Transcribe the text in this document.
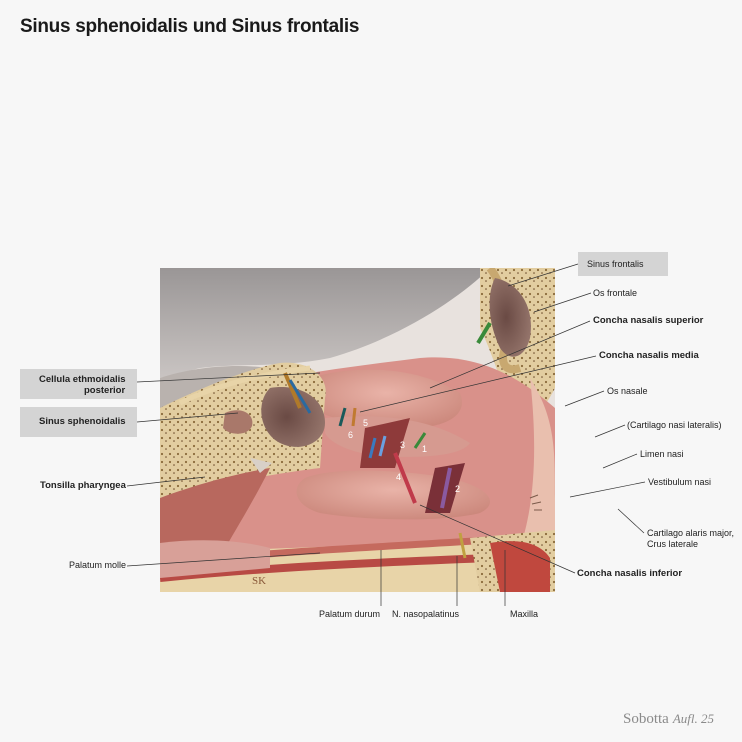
Sinus sphenoidalis und Sinus frontalis
1
2
3
4
5
6
SK
Sinus frontalis
Os frontale
Concha nasalis superior
Concha nasalis media
Os nasale
(Cartilago nasi lateralis)
Limen nasi
Vestibulum nasi
Cartilago alaris major,
Crus laterale
Concha nasalis inferior
Cellula ethmoidalis
posterior
Sinus sphenoidalis
Tonsilla pharyngea
Palatum molle
Palatum durum N. nasopalatinus	Maxilla
Sobotta Aufl. 25
